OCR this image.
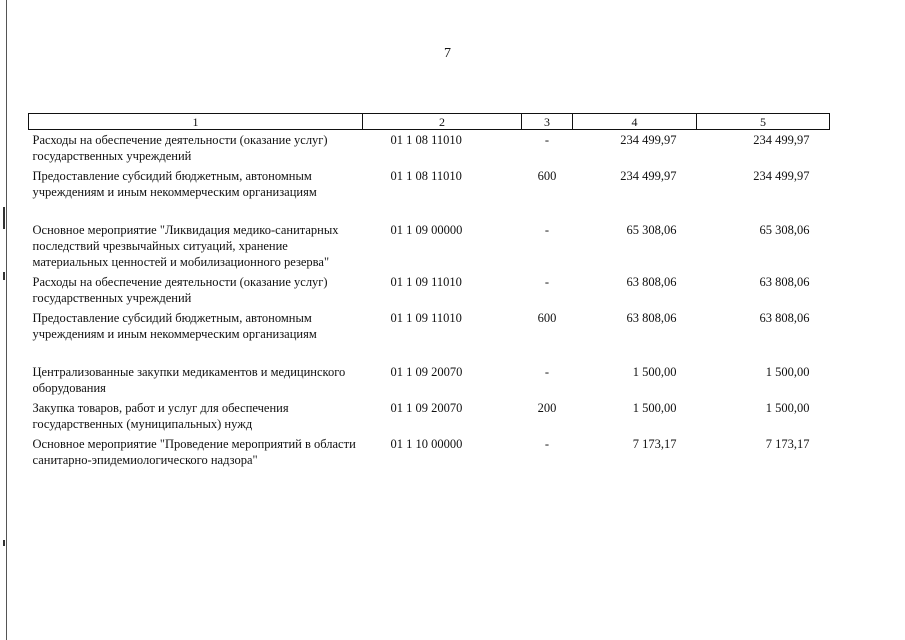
7
1	2	3	4	5
Расходы на обеспечение деятельности (оказание услуг) государственных учреждений	01 1 08 11010	-	234 499,97	234 499,97
Предоставление субсидий бюджетным, автономным учреждениям и иным некоммерческим организациям	01 1 08 11010	600	234 499,97	234 499,97
Основное мероприятие "Ликвидация медико-санитарных последствий чрезвычайных ситуаций, хранение материальных ценностей и мобилизационного резерва"	01 1 09 00000	-	65 308,06	65 308,06
Расходы на обеспечение деятельности (оказание услуг) государственных учреждений	01 1 09 11010	-	63 808,06	63 808,06
Предоставление субсидий бюджетным, автономным учреждениям и иным некоммерческим организациям	01 1 09 11010	600	63 808,06	63 808,06
Централизованные закупки медикаментов и медицинского оборудования	01 1 09 20070	-	1 500,00	1 500,00
Закупка товаров, работ и услуг для обеспечения государственных (муниципальных) нужд	01 1 09 20070	200	1 500,00	1 500,00
Основное мероприятие "Проведение мероприятий в области санитарно-эпидемиологического надзора"	01 1 10 00000	-	7 173,17	7 173,17
